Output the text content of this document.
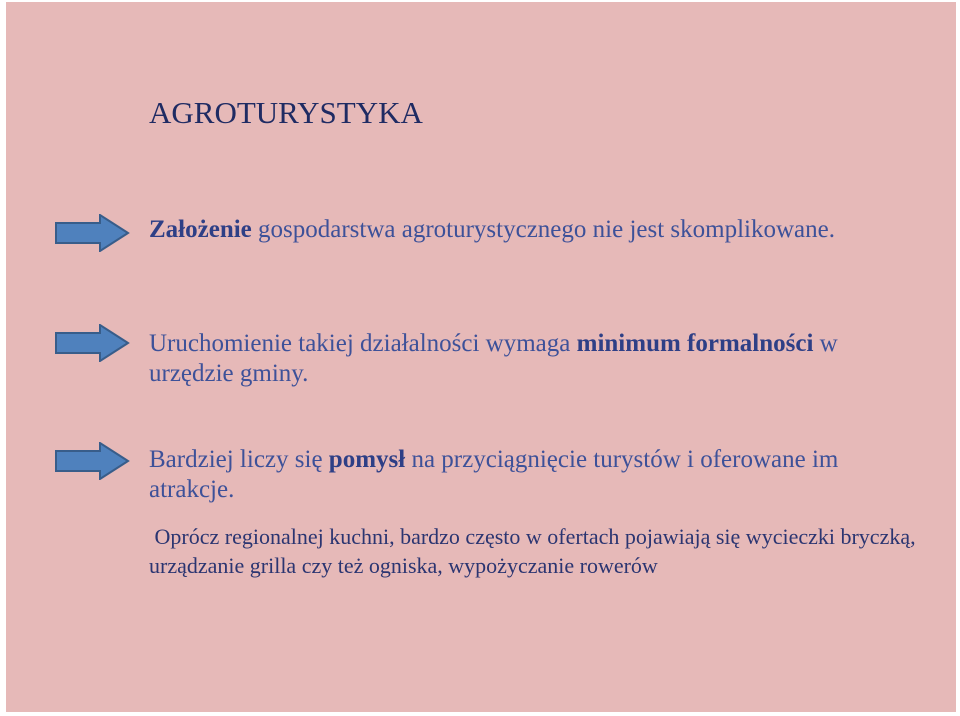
AGROTURYSTYKA

Założenie gospodarstwa agroturystycznego nie jest skomplikowane.

Uruchomienie takiej działalności wymaga minimum formalności w urzędzie gminy.

Bardziej liczy się pomysł na przyciągnięcie turystów i oferowane im atrakcje.

Oprócz regionalnej kuchni, bardzo często w ofertach pojawiają się wycieczki bryczką, urządzanie grilla czy też ogniska, wypożyczanie rowerów
